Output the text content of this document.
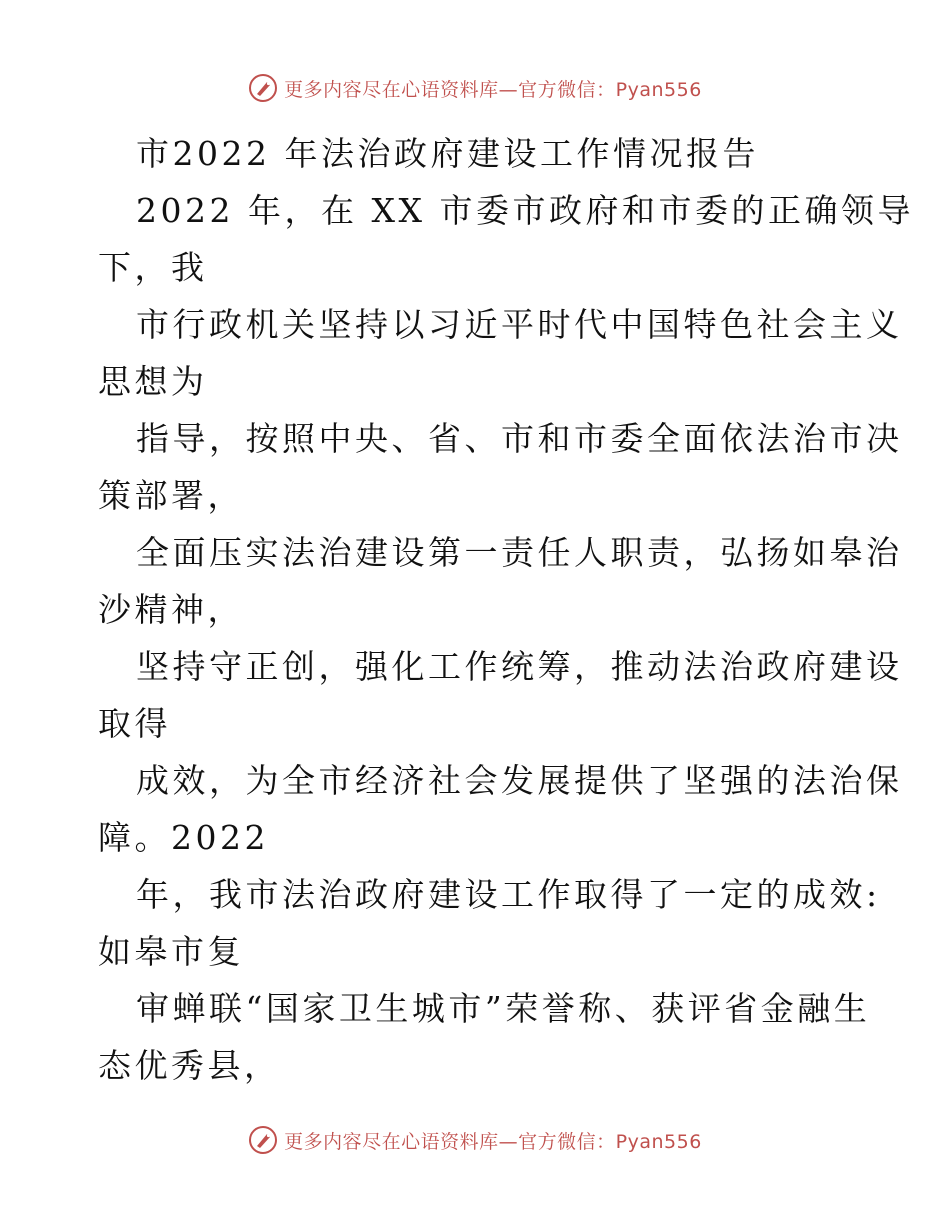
更多内容尽在心语资料库—官方微信：Pyan556
市2022 年法治政府建设工作情况报告
2022 年，在 XX 市委市政府和市委的正确领导
下，我
市行政机关坚持以习近平时代中国特色社会主义
思想为
指导，按照中央、省、市和市委全面依法治市决
策部署，
全面压实法治建设第一责任人职责，弘扬如皋治
沙精神，
坚持守正创，强化工作统筹，推动法治政府建设
取得
成效，为全市经济社会发展提供了坚强的法治保
障。2022
年，我市法治政府建设工作取得了一定的成效:
如皋市复
审蝉联“国家卫生城市”荣誉称、获评省金融生
态优秀县，
更多内容尽在心语资料库—官方微信：Pyan556
